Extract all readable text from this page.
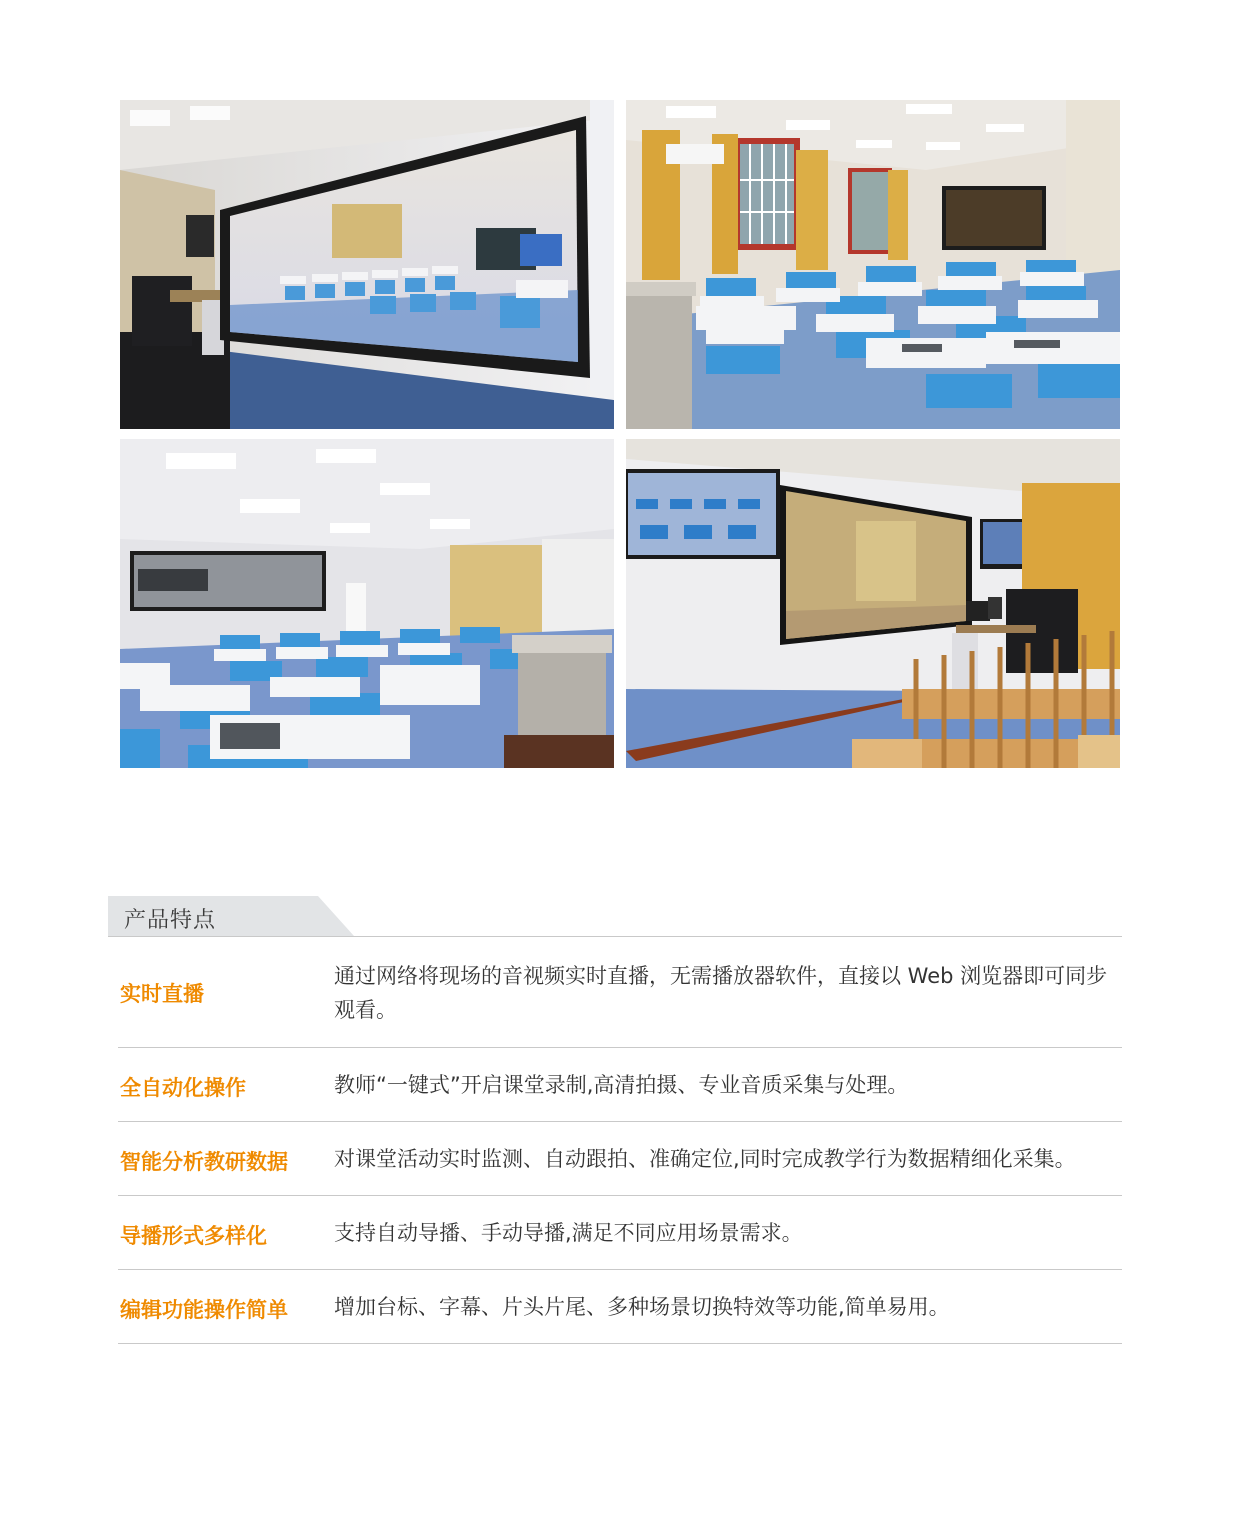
产品特点
实时直播
通过网络将现场的音视频实时直播，无需播放器软件，直接以 Web 浏览器即可同步观看。
全自动化操作	教师“一键式”开启课堂录制,高清拍摄、专业音质采集与处理。
智能分析教研数据 对课堂活动实时监测、自动跟拍、准确定位,同时完成教学行为数据精细化采集。
导播形式多样化	支持自动导播、手动导播,满足不同应用场景需求。
编辑功能操作简单 增加台标、字幕、片头片尾、多种场景切换特效等功能,简单易用。
